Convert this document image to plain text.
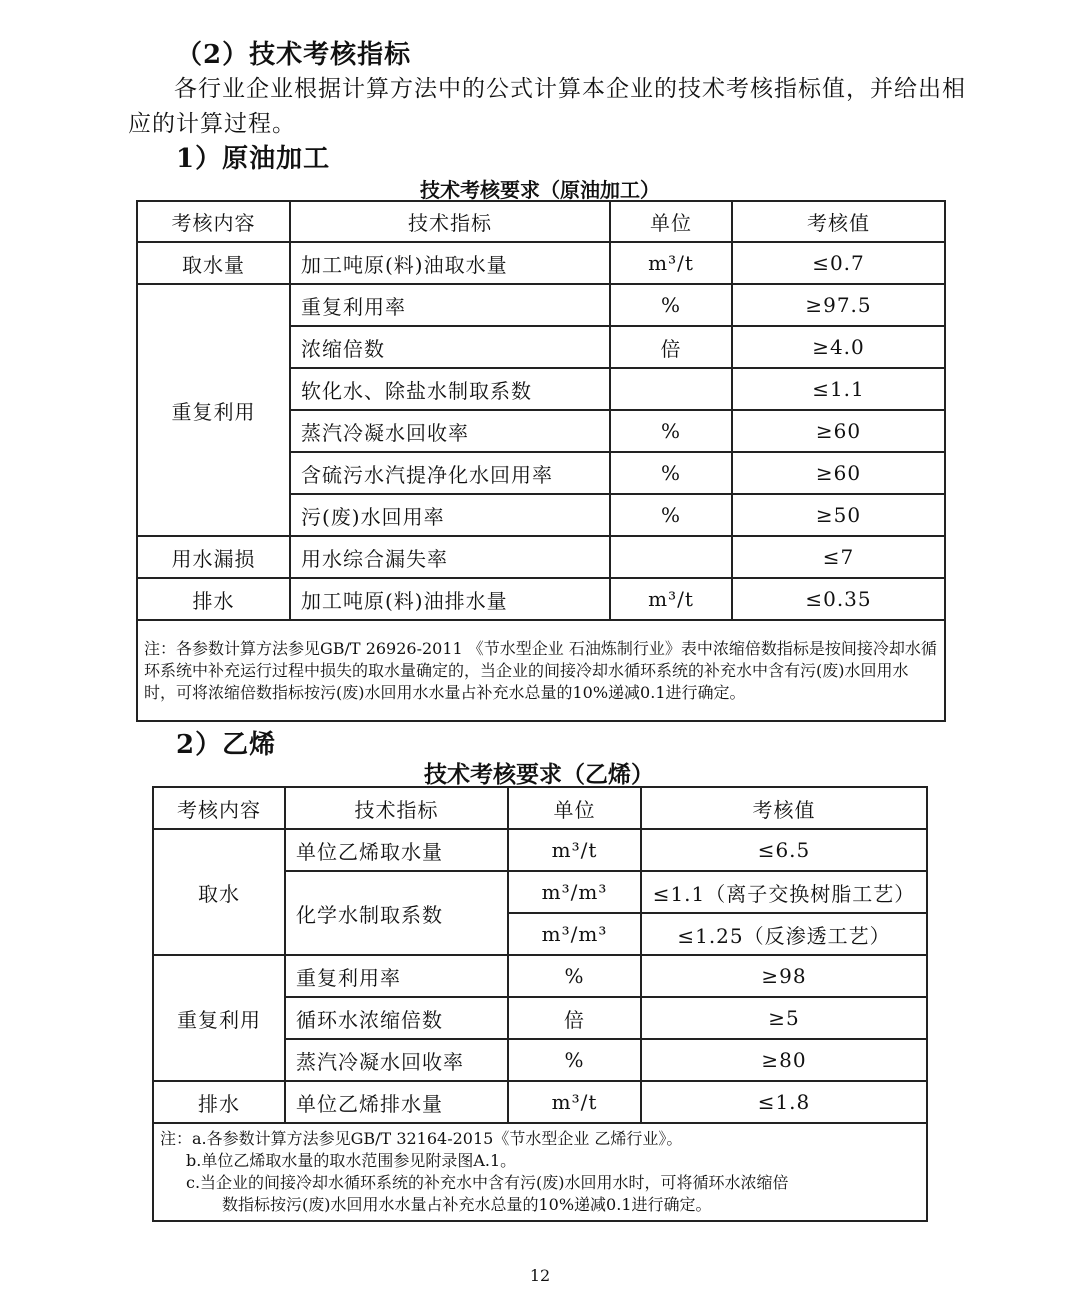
（2）技术考核指标
各行业企业根据计算方法中的公式计算本企业的技术考核指标值，并给出相应的计算过程。
1）原油加工
技术考核要求（原油加工）
考核内容	技术指标	单位	考核值
取水量	加工吨原(料)油取水量	m³/t	≤0.7
重复利用	重复利用率	%	≥97.5
	浓缩倍数	倍	≥4.0
	软化水、除盐水制取系数		≤1.1
	蒸汽冷凝水回收率	%	≥60
	含硫污水汽提净化水回用率	%	≥60
	污(废)水回用率	%	≥50
用水漏损	用水综合漏失率		≤7
排水	加工吨原(料)油排水量	m³/t	≤0.35
注：各参数计算方法参见GB/T 26926-2011 《节水型企业 石油炼制行业》表中浓缩倍数指标是按间接冷却水循环系统中补充运行过程中损失的取水量确定的，当企业的间接冷却水循环系统的补充水中含有污(废)水回用水时，可将浓缩倍数指标按污(废)水回用水水量占补充水总量的10%递减0.1进行确定。			
2）乙烯
技术考核要求（乙烯）
考核内容	技术指标	单位	考核值
取水	单位乙烯取水量	m³/t	≤6.5
	化学水制取系数	m³/m³	≤1.1（离子交换树脂工艺）
		m³/m³	≤1.25（反渗透工艺）
重复利用	重复利用率	%	≥98
	循环水浓缩倍数	倍	≥5
	蒸汽冷凝水回收率	%	≥80
排水	单位乙烯排水量	m³/t	≤1.8

注：a.各参数计算方法参见GB/T 32164-2015《节水型企业 乙烯行业》。
b.单位乙烯取水量的取水范围参见附录图A.1。
c.当企业的间接冷却水循环系统的补充水中含有污(废)水回用水时，可将循环水浓缩倍
数指标按污(废)水回用水水量占补充水总量的10%递减0.1进行确定。			
12
